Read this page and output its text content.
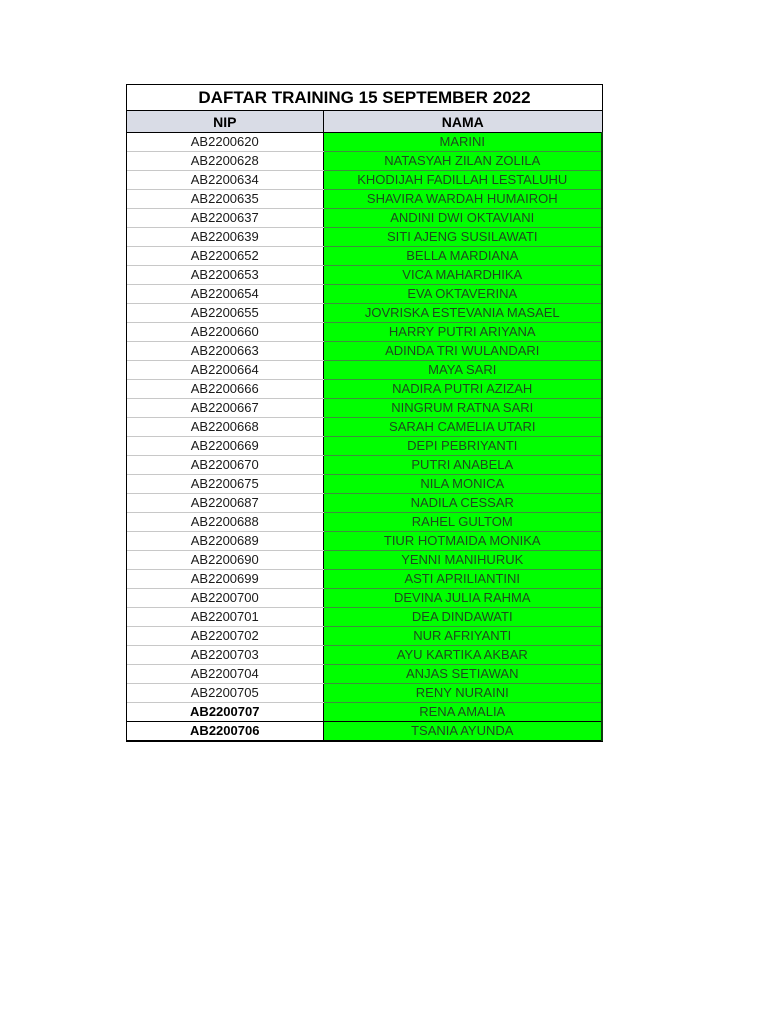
DAFTAR TRAINING 15 SEPTEMBER 2022
NIP	NAMA
AB2200620	MARINI
AB2200628	NATASYAH ZILAN ZOLILA
AB2200634	KHODIJAH FADILLAH LESTALUHU
AB2200635	SHAVIRA WARDAH HUMAIROH
AB2200637	ANDINI DWI OKTAVIANI
AB2200639	SITI AJENG SUSILAWATI
AB2200652	BELLA MARDIANA
AB2200653	VICA MAHARDHIKA
AB2200654	EVA OKTAVERINA
AB2200655	JOVRISKA ESTEVANIA MASAEL
AB2200660	HARRY PUTRI ARIYANA
AB2200663	ADINDA TRI WULANDARI
AB2200664	MAYA SARI
AB2200666	NADIRA PUTRI AZIZAH
AB2200667	NINGRUM RATNA SARI
AB2200668	SARAH CAMELIA UTARI
AB2200669	DEPI PEBRIYANTI
AB2200670	PUTRI ANABELA
AB2200675	NILA MONICA
AB2200687	NADILA CESSAR
AB2200688	RAHEL GULTOM
AB2200689	TIUR HOTMAIDA MONIKA
AB2200690	YENNI MANIHURUK
AB2200699	ASTI APRILIANTINI
AB2200700	DEVINA JULIA RAHMA
AB2200701	DEA DINDAWATI
AB2200702	NUR AFRIYANTI
AB2200703	AYU KARTIKA AKBAR
AB2200704	ANJAS SETIAWAN
AB2200705	RENY NURAINI
AB2200707	RENA AMALIA
AB2200706	TSANIA AYUNDA
